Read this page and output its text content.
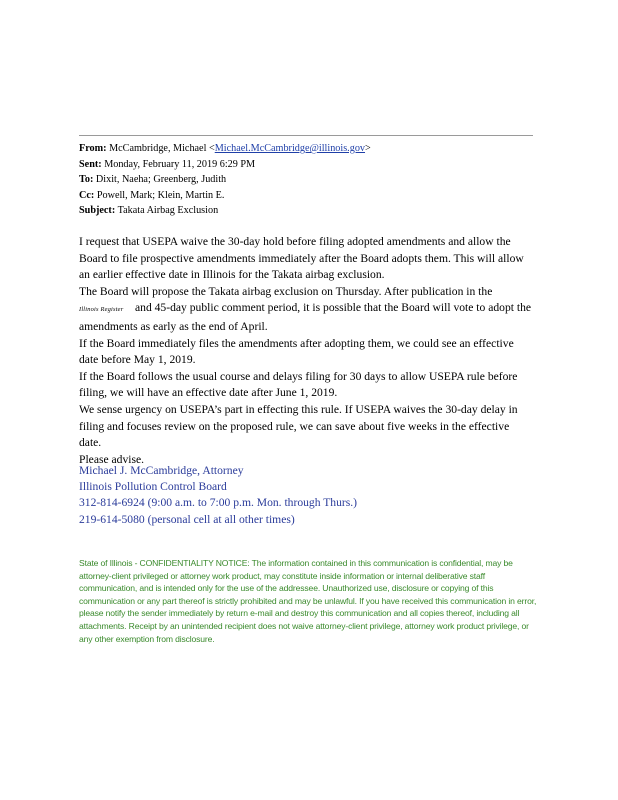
From: McCambridge, Michael <Michael.McCambridge@illinois.gov>
Sent: Monday, February 11, 2019 6:29 PM
To: Dixit, Naeha; Greenberg, Judith
Cc: Powell, Mark; Klein, Martin E.
Subject: Takata Airbag Exclusion

I request that USEPA waive the 30-day hold before filing adopted amendments and allow the Board to file prospective amendments immediately after the Board adopts them. This will allow an earlier effective date in Illinois for the Takata airbag exclusion.

The Board will propose the Takata airbag exclusion on Thursday. After publication in the
Illinois Register and 45-day public comment period, it is possible that the Board will vote to adopt the amendments as early as the end of April.

If the Board immediately files the amendments after adopting them, we could see an effective date before May 1, 2019.

If the Board follows the usual course and delays filing for 30 days to allow USEPA rule before filing, we will have an effective date after June 1, 2019.

We sense urgency on USEPA’s part in effecting this rule. If USEPA waives the 30-day delay in filing and focuses review on the proposed rule, we can save about five weeks in the effective date.

Please advise.

Michael J. McCambridge, Attorney
Illinois Pollution Control Board
312-814-6924 (9:00 a.m. to 7:00 p.m. Mon. through Thurs.)
219-614-5080 (personal cell at all other times)
State of Illinois - CONFIDENTIALITY NOTICE: The information contained in this communication is confidential, may be attorney-client privileged or attorney work product, may constitute inside information or internal deliberative staff communication, and is intended only for the use of the addressee. Unauthorized use, disclosure or copying of this communication or any part thereof is strictly prohibited and may be unlawful. If you have received this communication in error, please notify the sender immediately by return e-mail and destroy this communication and all copies thereof, including all attachments. Receipt by an unintended recipient does not waive attorney-client privilege, attorney work product privilege, or any other exemption from disclosure.
